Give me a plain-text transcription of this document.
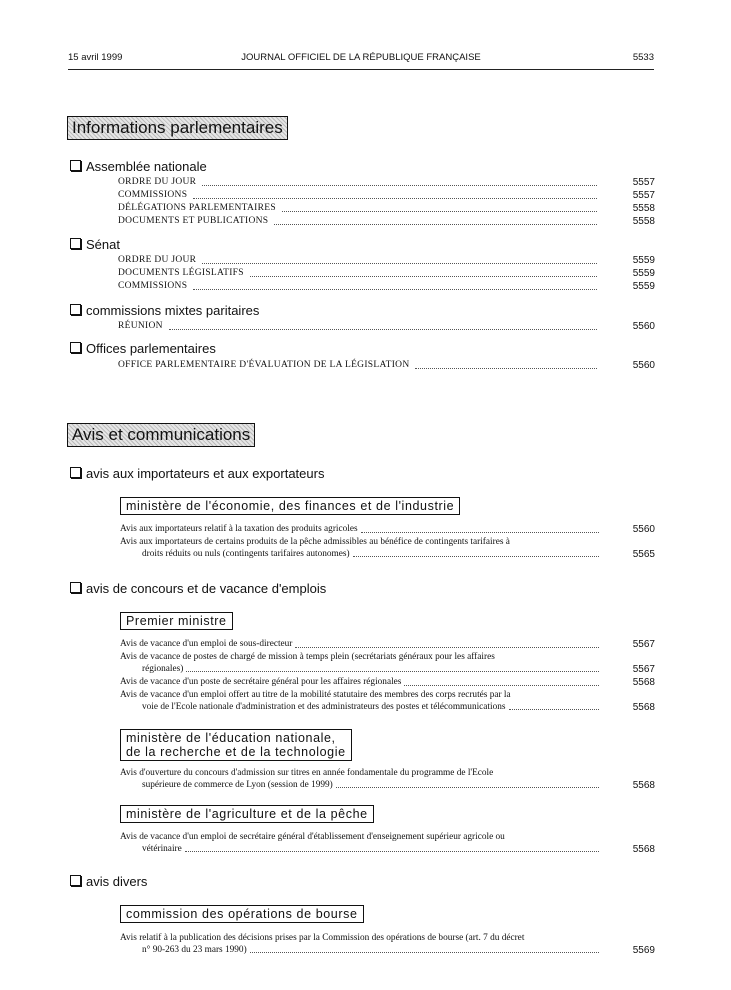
15 avril 1999	JOURNAL OFFICIEL DE LA RÉPUBLIQUE FRANÇAISE	5533
Informations parlementaires
Assemblée nationale
ORDRE DU JOUR	5557
COMMISSIONS	5557
DÉLÉGATIONS PARLEMENTAIRES	5558
DOCUMENTS ET PUBLICATIONS	5558
Sénat
ORDRE DU JOUR	5559
DOCUMENTS LÉGISLATIFS	5559
COMMISSIONS	5559
commissions mixtes paritaires
RÉUNION	5560
Offices parlementaires
OFFICE PARLEMENTAIRE D'ÉVALUATION DE LA LÉGISLATION	5560
Avis et communications
avis aux importateurs et aux exportateurs
ministère de l'économie, des finances et de l'industrie
Avis aux importateurs relatif à la taxation des produits agricoles	5560
Avis aux importateurs de certains produits de la pêche admissibles au bénéfice de contingents tarifaires à
droits réduits ou nuls (contingents tarifaires autonomes)	5565
avis de concours et de vacance d'emplois
Premier ministre
Avis de vacance d'un emploi de sous-directeur	5567
Avis de vacance de postes de chargé de mission à temps plein (secrétariats généraux pour les affaires
régionales)	5567
Avis de vacance d'un poste de secrétaire général pour les affaires régionales	5568
Avis de vacance d'un emploi offert au titre de la mobilité statutaire des membres des corps recrutés par la
voie de l'Ecole nationale d'administration et des administrateurs des postes et télécommunications	5568
ministère de l'éducation nationale,
de la recherche et de la technologie
Avis d'ouverture du concours d'admission sur titres en année fondamentale du programme de l'Ecole
supérieure de commerce de Lyon (session de 1999)	5568
ministère de l'agriculture et de la pêche
Avis de vacance d'un emploi de secrétaire général d'établissement d'enseignement supérieur agricole ou
vétérinaire	5568
avis divers
commission des opérations de bourse
Avis relatif à la publication des décisions prises par la Commission des opérations de bourse (art. 7 du décret
n° 90-263 du 23 mars 1990)	5569
